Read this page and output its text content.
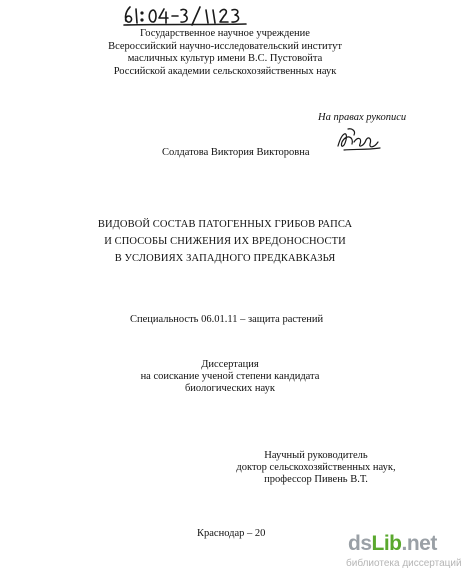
Государственное научное учреждение
Всероссийский научно-исследовательский институт
масличных культур имени В.С. Пустовойта
Российской академии сельскохозяйственных наук
На правах рукописи
Солдатова Виктория Викторовна
ВИДОВОЙ СОСТАВ ПАТОГЕННЫХ ГРИБОВ РАПСА
И СПОСОБЫ СНИЖЕНИЯ ИХ ВРЕДОНОСНОСТИ
В УСЛОВИЯХ ЗАПАДНОГО ПРЕДКАВКАЗЬЯ
Специальность 06.01.11 – защита растений
Диссертация
на соискание ученой степени кандидата
биологических наук
Научный руководитель
доктор сельскохозяйственных наук,
профессор Пивень В.Т.
Краснодар – 20	dsLib.net
библиотека диссертаций
